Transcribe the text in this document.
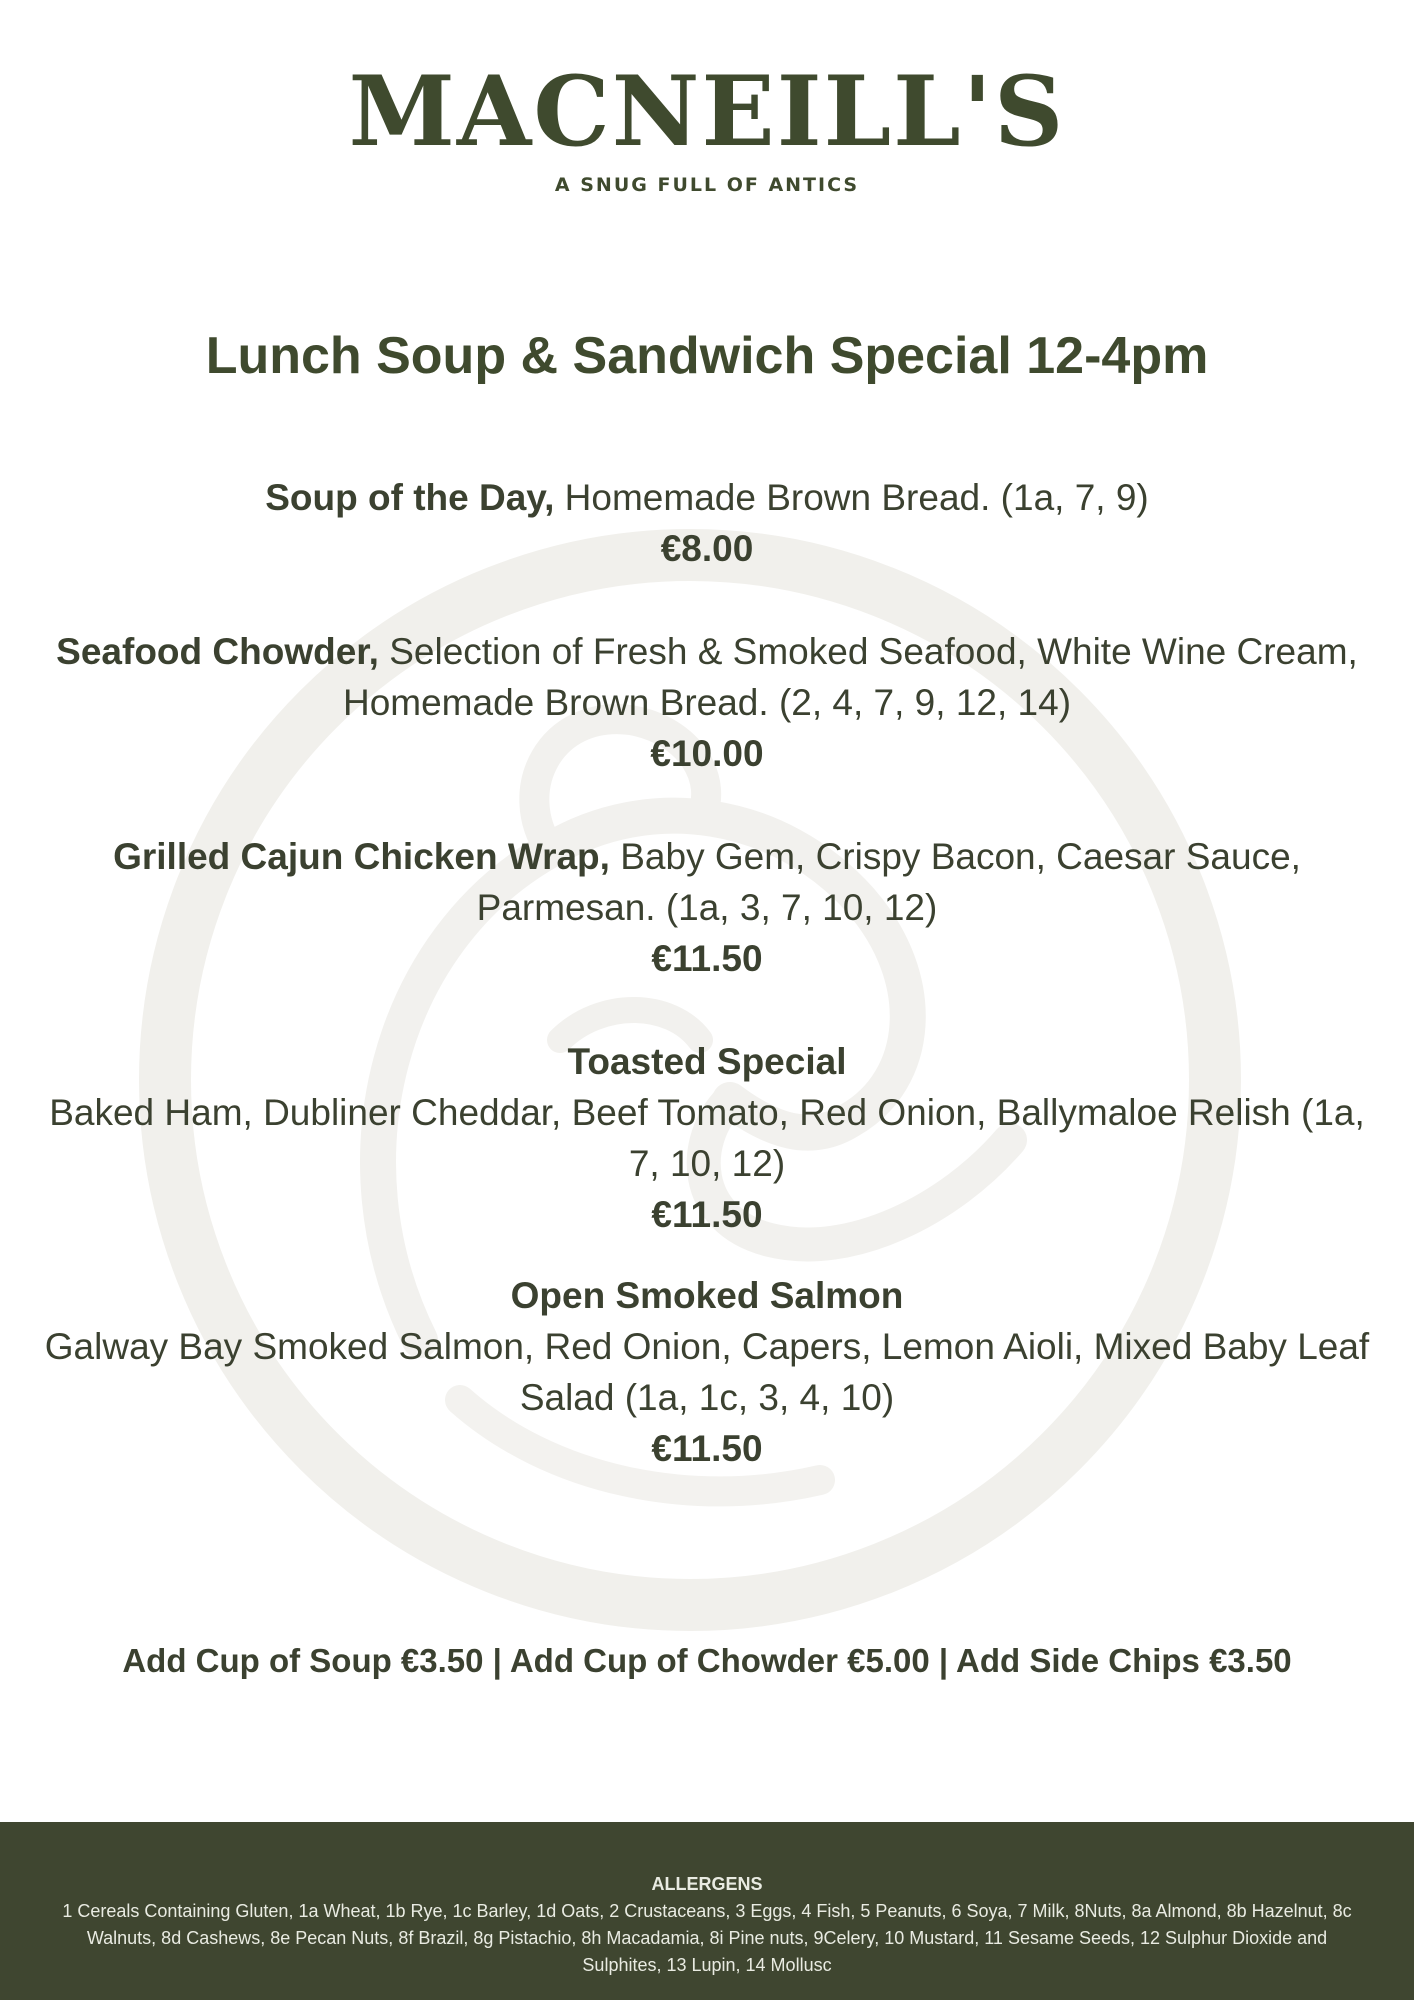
MACNEILL'S
A SNUG FULL OF ANTICS
Lunch Soup & Sandwich Special 12-4pm
Soup of the Day, Homemade Brown Bread. (1a, 7, 9)
€8.00
Seafood Chowder, Selection of Fresh & Smoked Seafood, White Wine Cream, Homemade Brown Bread. (2, 4, 7, 9, 12, 14)
€10.00
Grilled Cajun Chicken Wrap, Baby Gem, Crispy Bacon, Caesar Sauce, Parmesan. (1a, 3, 7, 10, 12)
€11.50
Toasted Special
Baked Ham, Dubliner Cheddar, Beef Tomato, Red Onion, Ballymaloe Relish (1a, 7, 10, 12)
€11.50
Open Smoked Salmon
Galway Bay Smoked Salmon, Red Onion, Capers, Lemon Aioli, Mixed Baby Leaf Salad (1a, 1c, 3, 4, 10)
€11.50
Add Cup of Soup €3.50 | Add Cup of Chowder €5.00 | Add Side Chips €3.50
ALLERGENS
1 Cereals Containing Gluten, 1a Wheat, 1b Rye, 1c Barley, 1d Oats, 2 Crustaceans, 3 Eggs, 4 Fish, 5 Peanuts, 6 Soya, 7 Milk, 8Nuts, 8a Almond, 8b Hazelnut, 8c Walnuts, 8d Cashews, 8e Pecan Nuts, 8f Brazil, 8g Pistachio, 8h Macadamia, 8i Pine nuts, 9Celery, 10 Mustard, 11 Sesame Seeds, 12 Sulphur Dioxide and Sulphites, 13 Lupin, 14 Mollusc
